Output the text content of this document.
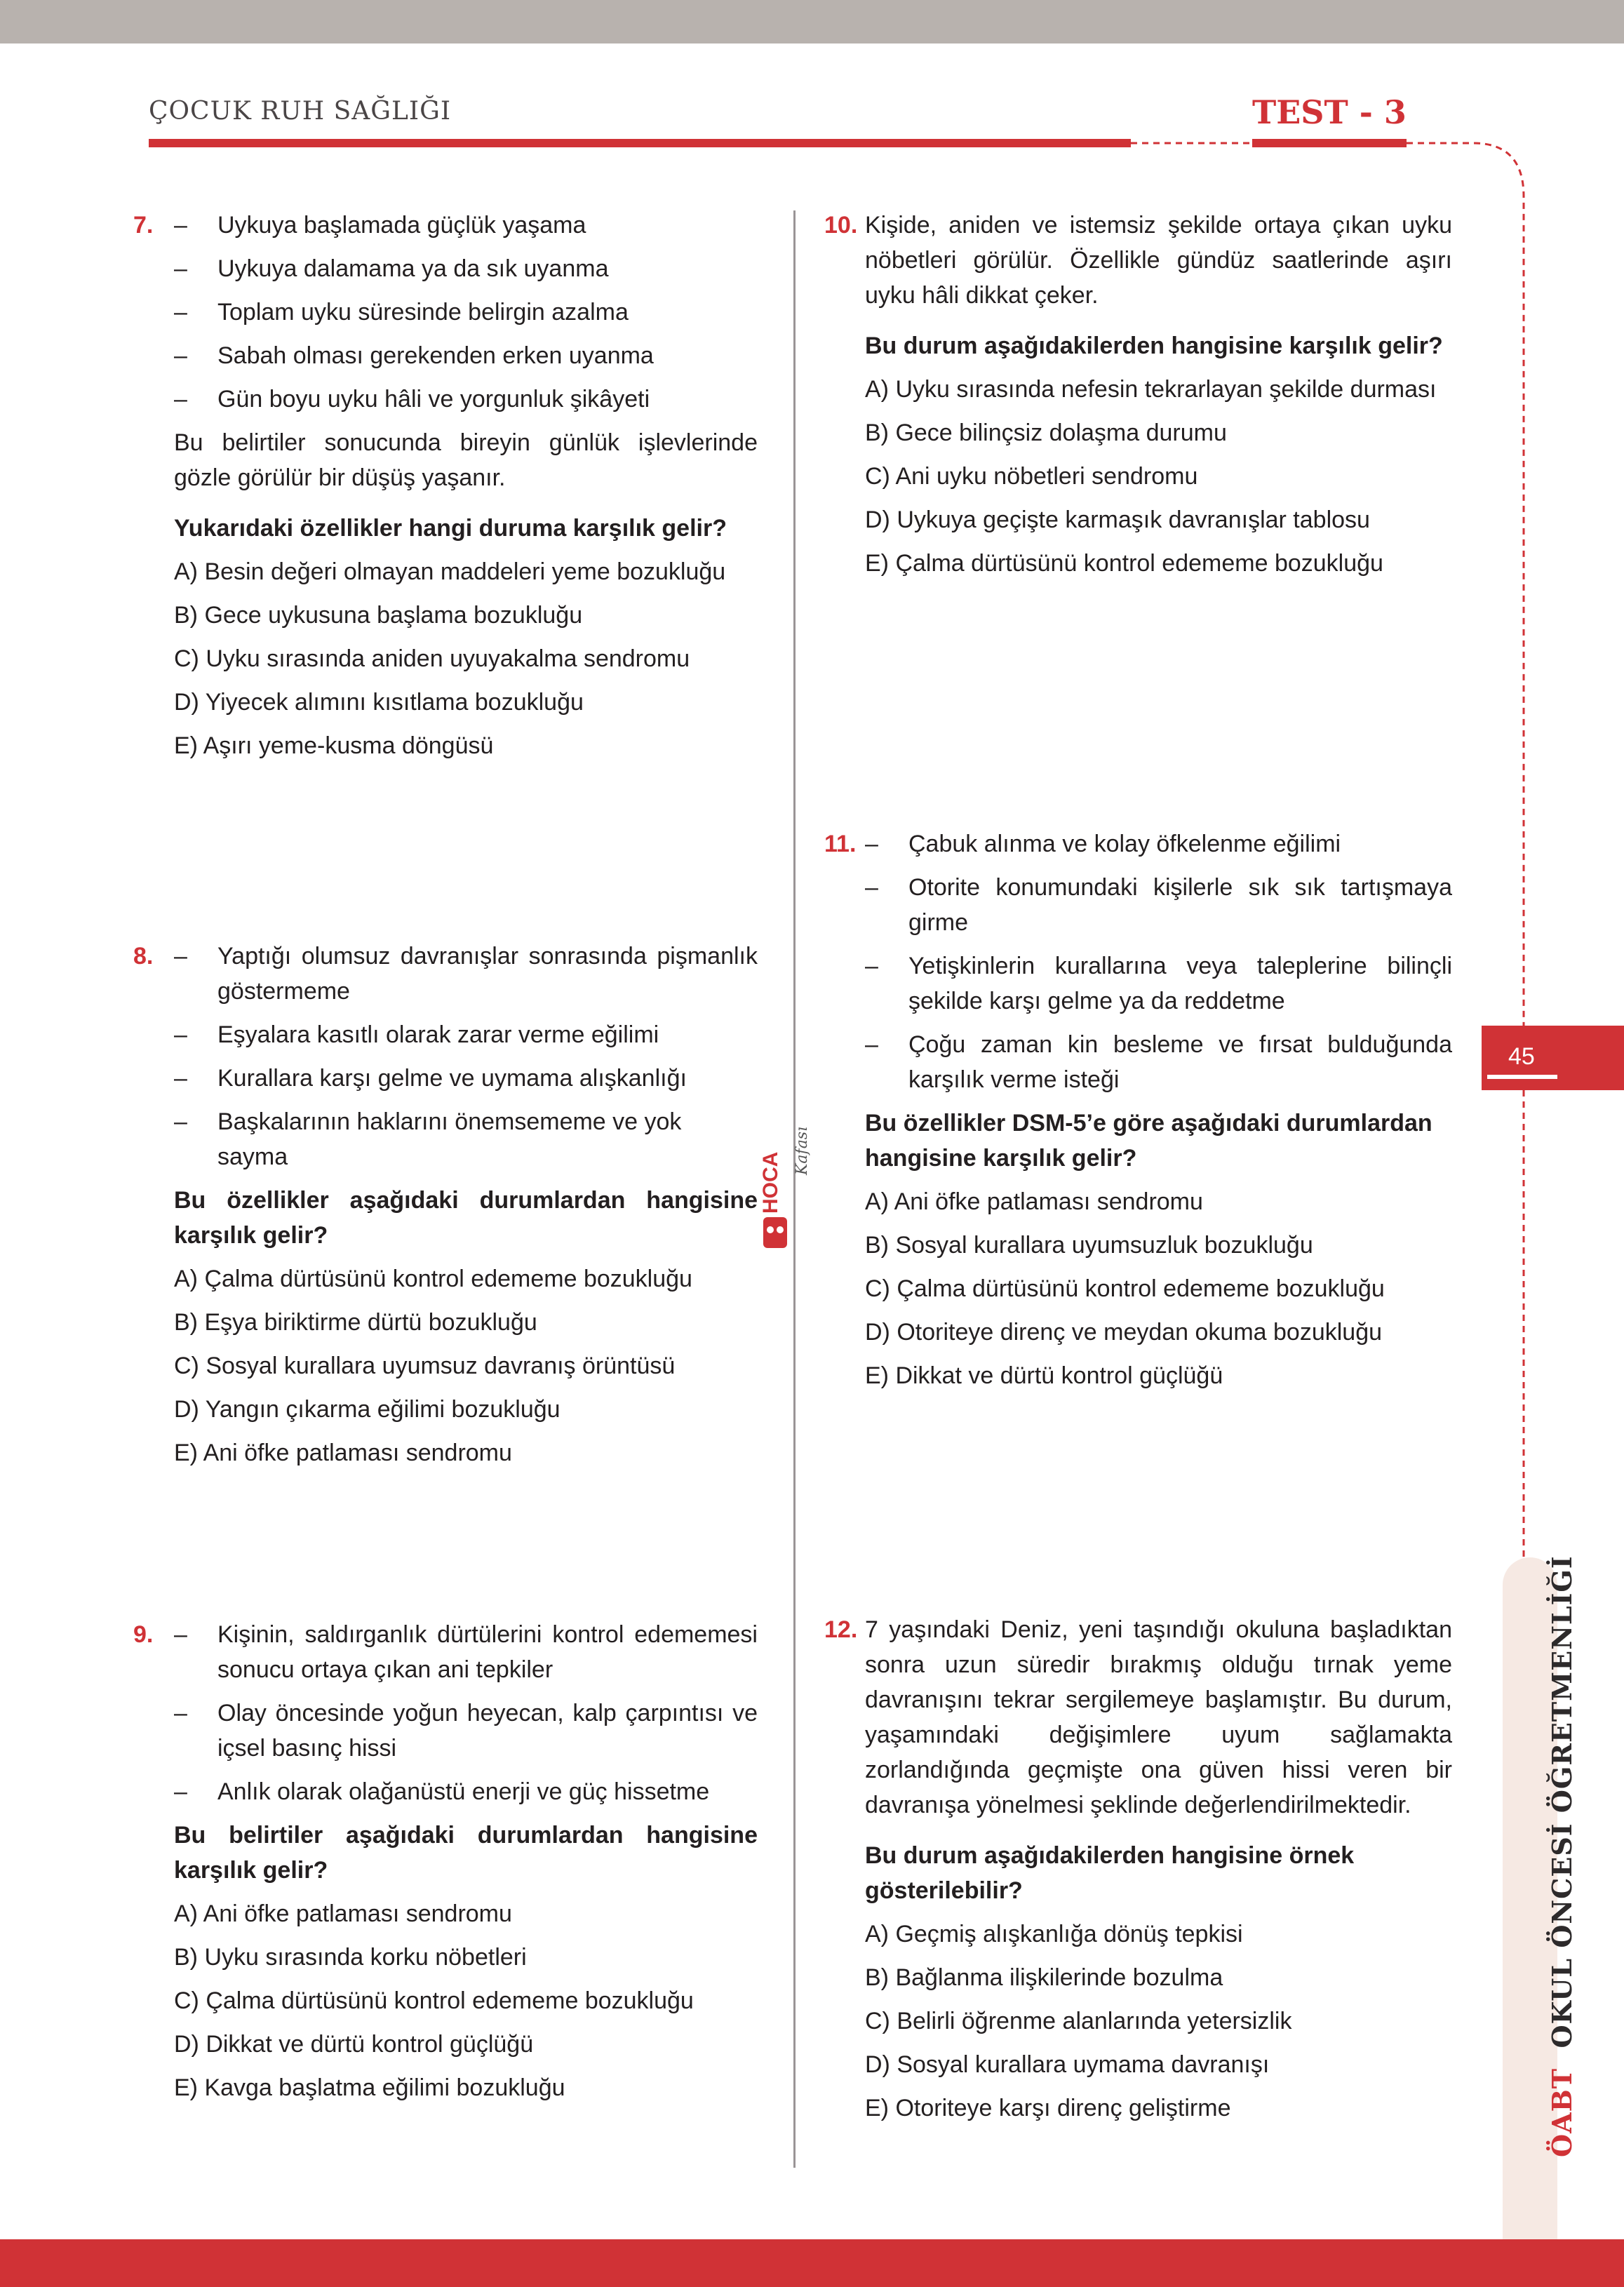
ÇOCUK RUH SAĞLIĞI	TEST - 3
45
ÖABT  OKUL ÖNCESİ ÖĞRETMENLİĞİ
HOCA
Kafası
7.	– Uykuya başlamada güçlük yaşama

– Uykuya dalamama ya da sık uyanma

– Toplam uyku süresinde belirgin azalma

– Sabah olması gerekenden erken uyanma

– Gün boyu uyku hâli ve yorgunluk şikâyeti

Bu belirtiler sonucunda bireyin günlük işlevlerinde gözle görülür bir düşüş yaşanır.

Yukarıdaki özellikler hangi duruma karşılık gelir?

A) Besin değeri olmayan maddeleri yeme bozukluğu

B) Gece uykusuna başlama bozukluğu

C) Uyku sırasında aniden uyuyakalma sendromu

D) Yiyecek alımını kısıtlama bozukluğu

E) Aşırı yeme-kusma döngüsü

8.	– Yaptığı olumsuz davranışlar sonrasında pişmanlık göstermeme

– Eşyalara kasıtlı olarak zarar verme eğilimi

– Kurallara karşı gelme ve uymama alışkanlığı

– Başkalarının haklarını önemsememe ve yok sayma

Bu özellikler aşağıdaki durumlardan hangisine karşılık gelir?

A) Çalma dürtüsünü kontrol edememe bozukluğu

B) Eşya biriktirme dürtü bozukluğu

C) Sosyal kurallara uyumsuz davranış örüntüsü

D) Yangın çıkarma eğilimi bozukluğu

E) Ani öfke patlaması sendromu

9.	– Kişinin, saldırganlık dürtülerini kontrol edememesi sonucu ortaya çıkan ani tepkiler

– Olay öncesinde yoğun heyecan, kalp çarpıntısı ve içsel basınç hissi

– Anlık olarak olağanüstü enerji ve güç hissetme

Bu belirtiler aşağıdaki durumlardan hangisine karşılık gelir?

A) Ani öfke patlaması sendromu

B) Uyku sırasında korku nöbetleri

C) Çalma dürtüsünü kontrol edememe bozukluğu

D) Dikkat ve dürtü kontrol güçlüğü

E) Kavga başlatma eğilimi bozukluğu

10. Kişide, aniden ve istemsiz şekilde ortaya çıkan uyku nöbetleri görülür. Özellikle gündüz saatlerinde aşırı uyku hâli dikkat çeker.

Bu durum aşağıdakilerden hangisine karşılık gelir?

A) Uyku sırasında nefesin tekrarlayan şekilde durması

B) Gece bilinçsiz dolaşma durumu

C) Ani uyku nöbetleri sendromu

D) Uykuya geçişte karmaşık davranışlar tablosu

E) Çalma dürtüsünü kontrol edememe bozukluğu

11.	– Çabuk alınma ve kolay öfkelenme eğilimi

– Otorite konumundaki kişilerle sık sık tartışmaya girme

– Yetişkinlerin kurallarına veya taleplerine bilinçli şekilde karşı gelme ya da reddetme

– Çoğu zaman kin besleme ve fırsat bulduğunda karşılık verme isteği

Bu özellikler DSM-5’e göre aşağıdaki durumlardan hangisine karşılık gelir?

A) Ani öfke patlaması sendromu

B) Sosyal kurallara uyumsuzluk bozukluğu

C) Çalma dürtüsünü kontrol edememe bozukluğu

D) Otoriteye direnç ve meydan okuma bozukluğu

E) Dikkat ve dürtü kontrol güçlüğü

12. 7 yaşındaki Deniz, yeni taşındığı okuluna başladıktan sonra uzun süredir bırakmış olduğu tırnak yeme davranışını tekrar sergilemeye başlamıştır. Bu durum, yaşamındaki değişimlere uyum sağlamakta zorlandığında geçmişte ona güven hissi veren bir davranışa yönelmesi şeklinde değerlendirilmektedir.

Bu durum aşağıdakilerden hangisine örnek gösterilebilir?

A) Geçmiş alışkanlığa dönüş tepkisi

B) Bağlanma ilişkilerinde bozulma

C) Belirli öğrenme alanlarında yetersizlik

D) Sosyal kurallara uymama davranışı

E) Otoriteye karşı direnç geliştirme
